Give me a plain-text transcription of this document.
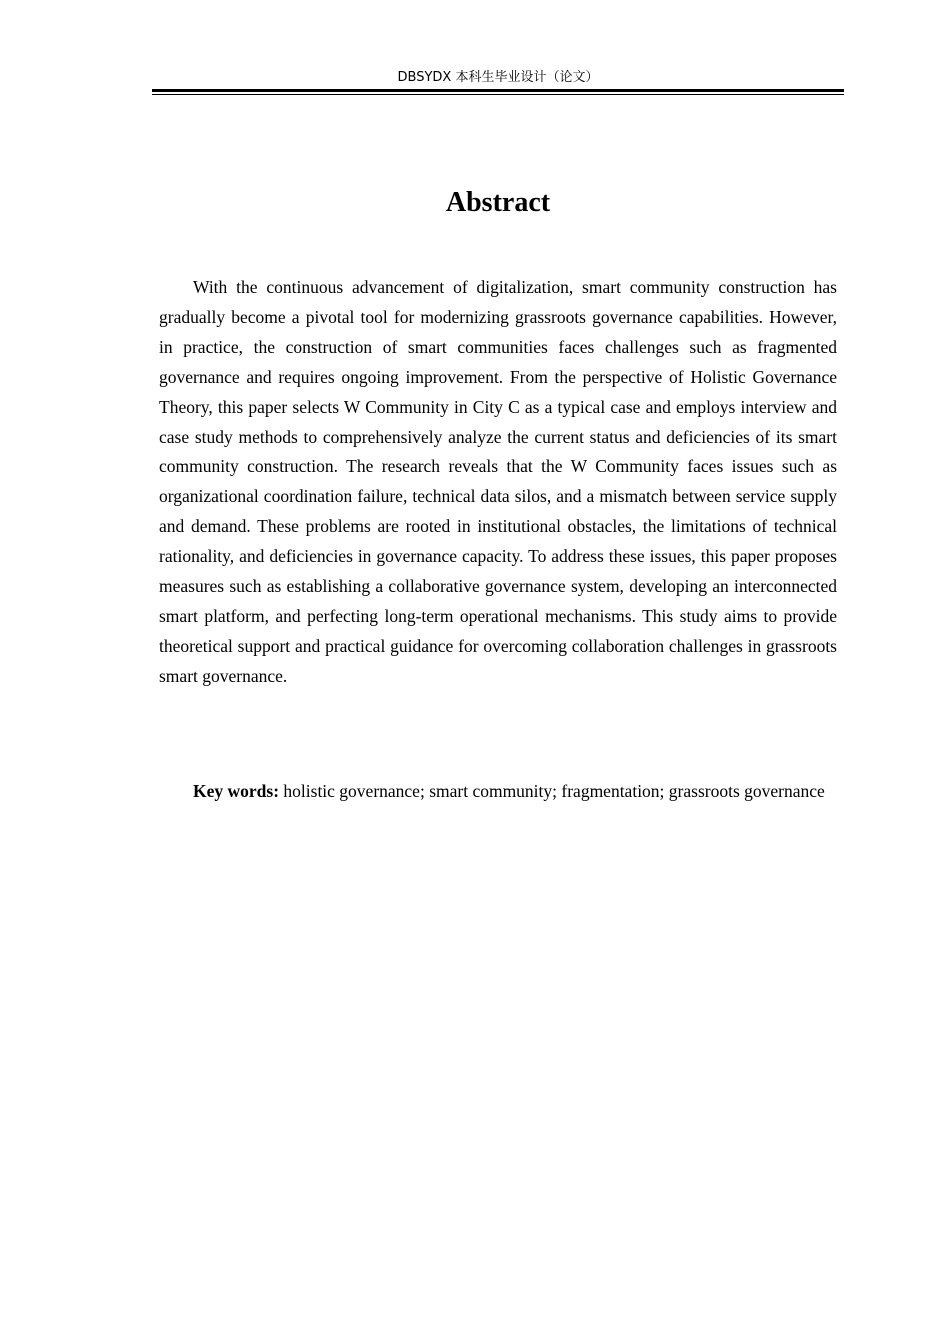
DBSYDX 本科生毕业设计（论文）
Abstract

With the continuous advancement of digitalization, smart community construction has gradually become a pivotal tool for modernizing grassroots governance capabilities. However, in practice, the construction of smart communities faces challenges such as fragmented governance and requires ongoing improvement. From the perspective of Holistic Governance Theory, this paper selects W Community in City C as a typical case and employs interview and case study methods to comprehensively analyze the current status and deficiencies of its smart community construction. The research reveals that the W Community faces issues such as organizational coordination failure, technical data silos, and a mismatch between service supply and demand. These problems are rooted in institutional obstacles, the limitations of technical rationality, and deficiencies in governance capacity. To address these issues, this paper proposes measures such as establishing a collaborative governance system, developing an interconnected smart platform, and perfecting long-term operational mechanisms. This study aims to provide theoretical support and practical guidance for overcoming collaboration challenges in grassroots smart governance.

Key words: holistic governance; smart community; fragmentation; grassroots governance
